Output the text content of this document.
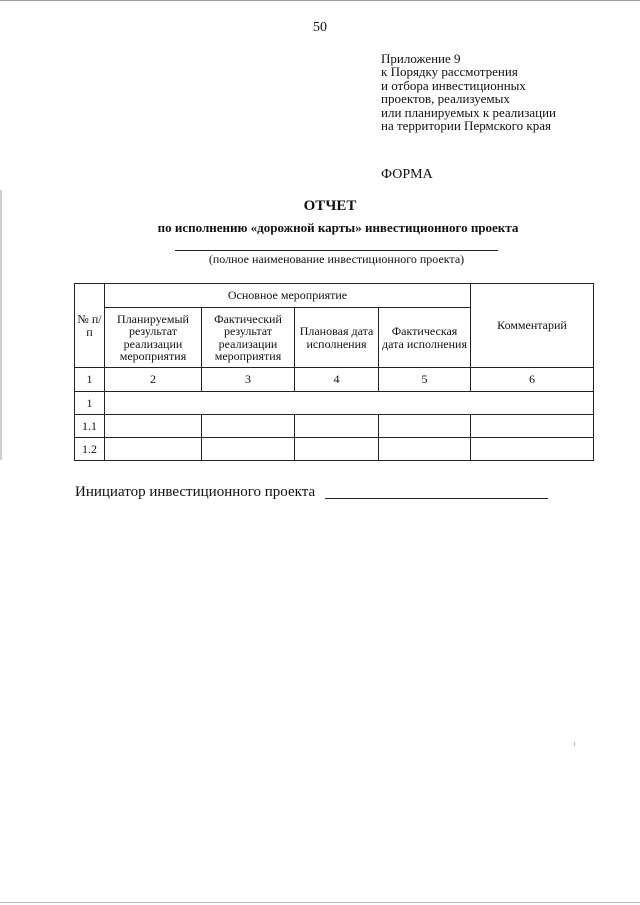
50
Приложение 9
к Порядку рассмотрения
и отбора инвестиционных
проектов, реализуемых
или планируемых к реализации
на территории Пермского края
ФОРМА
ОТЧЕТ
по исполнению «дорожной карты» инвестиционного проекта
(полное наименование инвестиционного проекта)
№ п/п	Основное мероприятие				Комментарий
	Планируемый результат реализации мероприятия	Фактический результат реализации мероприятия	Плановая дата исполнения	Фактическая дата исполнения	
1	2	3	4	5	6
1					
1.1					
1.2					
Инициатор инвестиционного проекта
